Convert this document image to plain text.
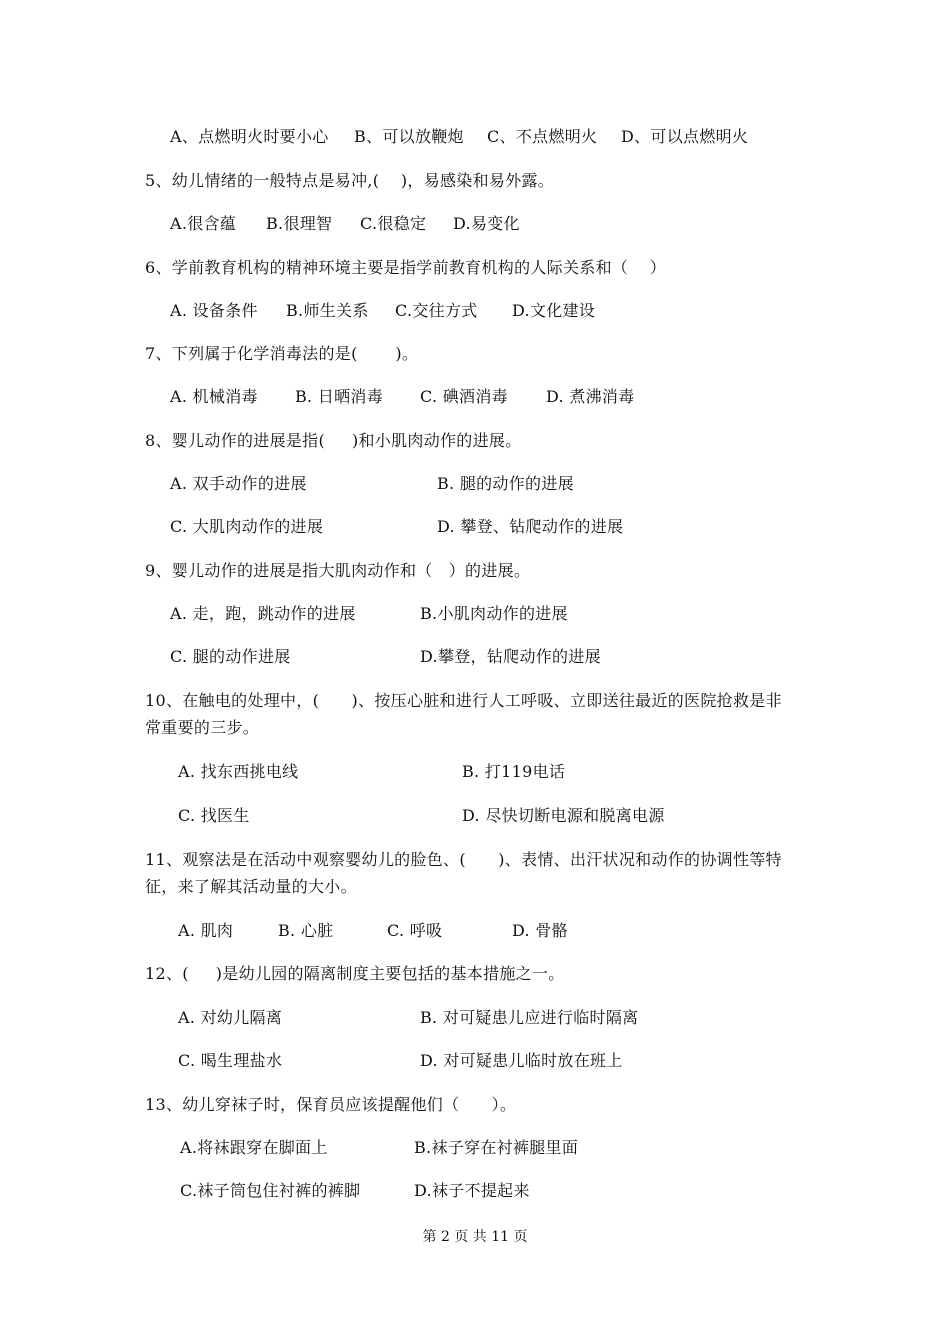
A、点燃明火时要小心 B、可以放鞭炮 C、不点燃明火 D、可以点燃明火
5、幼儿情绪的一般特点是易冲,(    )，易感染和易外露。
A.很含蕴 B.很理智 C.很稳定 D.易变化
6、学前教育机构的精神环境主要是指学前教育机构的人际关系和（    ）
A. 设备条件 B.师生关系 C.交往方式 D.文化建设
7、下列属于化学消毒法的是(       )。
A. 机械消毒 B. 日晒消毒 C. 碘酒消毒 D. 煮沸消毒
8、婴儿动作的进展是指(     )和小肌肉动作的进展。
A. 双手动作的进展	B. 腿的动作的进展
C. 大肌肉动作的进展	D. 攀登、钻爬动作的进展
9、婴儿动作的进展是指大肌肉动作和（   ）的进展。
A. 走，跑，跳动作的进展	B.小肌肉动作的进展
C. 腿的动作进展	D.攀登，钻爬动作的进展
10、在触电的处理中，(      )、按压心脏和进行人工呼吸、立即送往最近的医院抢救是非
常重要的三步。
A. 找东西挑电线	B. 打119电话
C. 找医生	D. 尽快切断电源和脱离电源
11、观察法是在活动中观察婴幼儿的脸色、(      )、表情、出汗状况和动作的协调性等特
征，来了解其活动量的大小。
A. 肌肉	B. 心脏	C. 呼吸	D. 骨骼
12、(     )是幼儿园的隔离制度主要包括的基本措施之一。
A. 对幼儿隔离	B. 对可疑患儿应进行临时隔离
C. 喝生理盐水	D. 对可疑患儿临时放在班上
13、幼儿穿袜子时，保育员应该提醒他们（      ）。
A.将袜跟穿在脚面上	B.袜子穿在衬裤腿里面
C.袜子筒包住衬裤的裤脚	D.袜子不提起来
第 2 页 共 11 页
